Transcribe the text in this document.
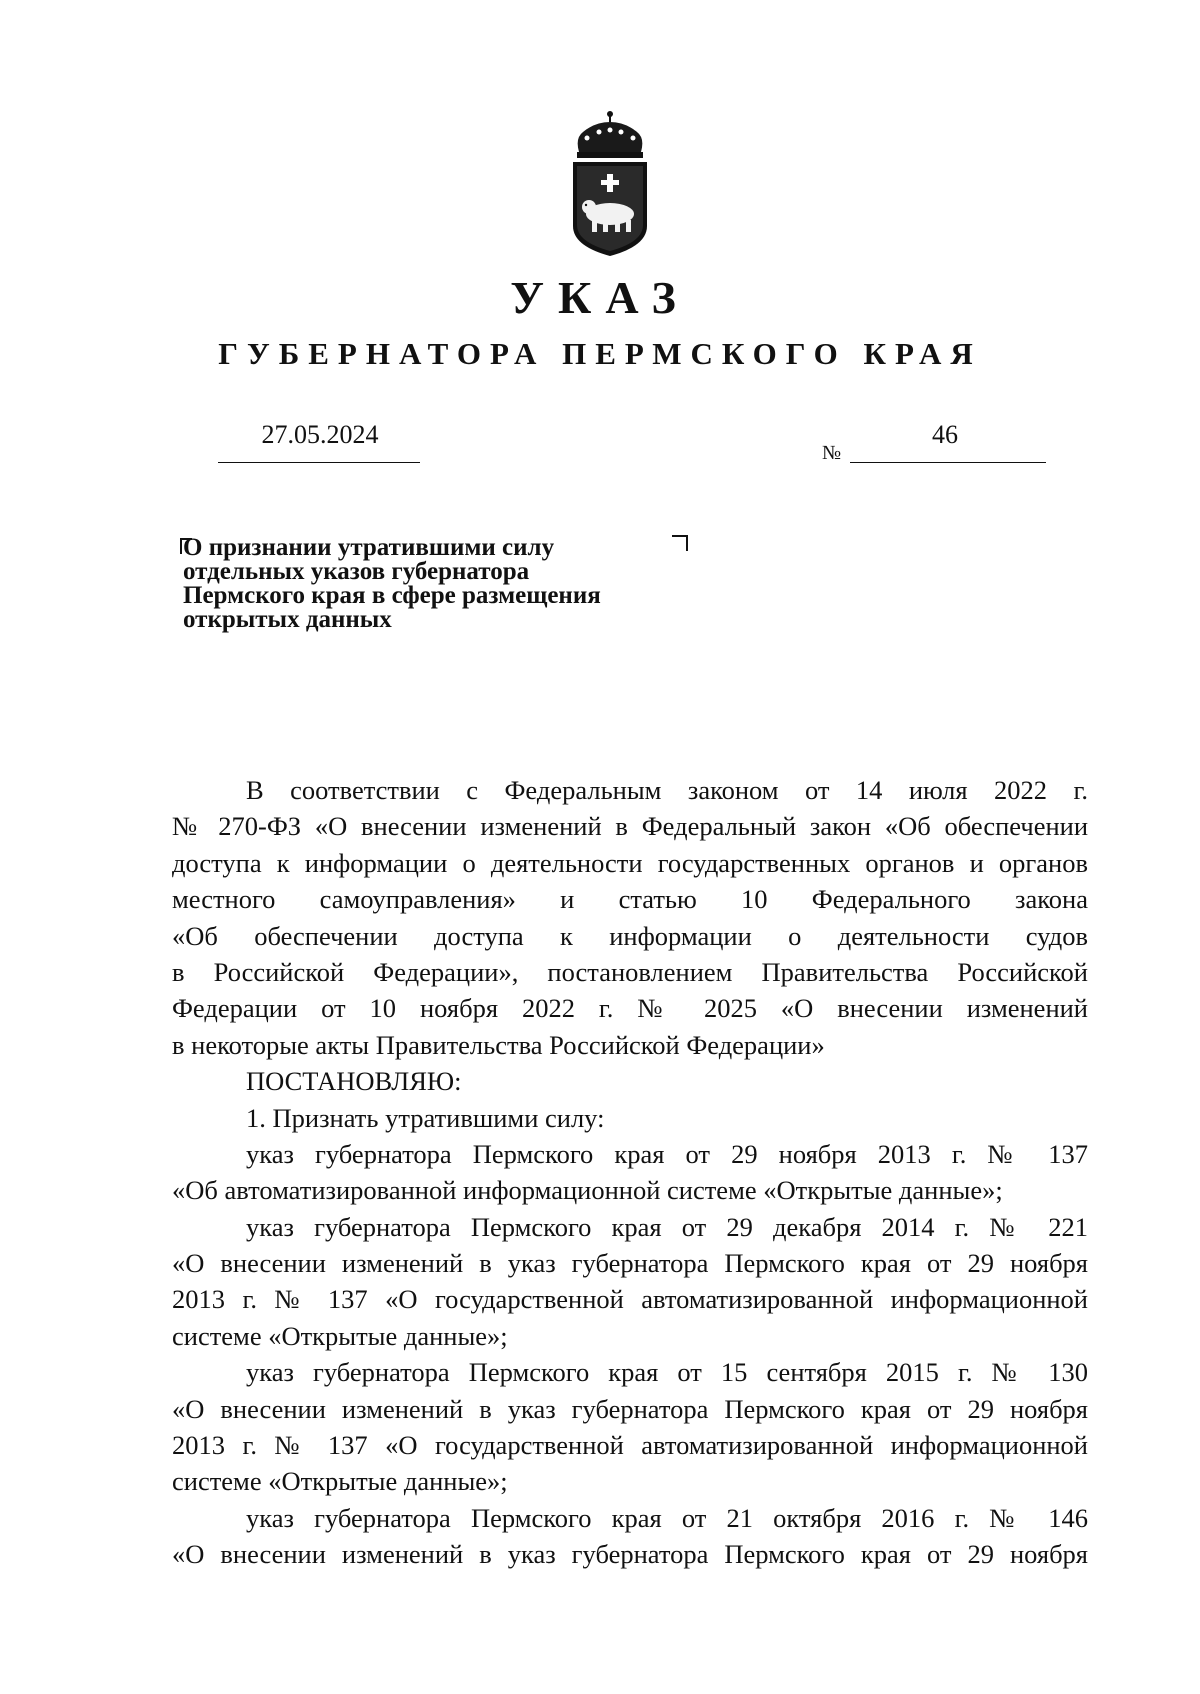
УКАЗ
ГУБЕРНАТОРА ПЕРМСКОГО КРАЯ
27.05.2024
№
46
О признании утратившими силу
отдельных указов губернатора
Пермского края в сфере размещения
открытых данных
В соответствии с Федеральным законом от 14 июля 2022 г.
№ 270-ФЗ «О внесении изменений в Федеральный закон «Об обеспечении
доступа к информации о деятельности государственных органов и органов
местного самоуправления» и статью 10 Федерального закона
«Об обеспечении доступа к информации о деятельности судов
в Российской Федерации», постановлением Правительства Российской
Федерации от 10 ноября 2022 г. № 2025 «О внесении изменений
в некоторые акты Правительства Российской Федерации»
ПОСТАНОВЛЯЮ:
1. Признать утратившими силу:
указ губернатора Пермского края от 29 ноября 2013 г. № 137
«Об автоматизированной информационной системе «Открытые данные»;
указ губернатора Пермского края от 29 декабря 2014 г. № 221
«О внесении изменений в указ губернатора Пермского края от 29 ноября
2013 г. № 137 «О государственной автоматизированной информационной
системе «Открытые данные»;
указ губернатора Пермского края от 15 сентября 2015 г. № 130
«О внесении изменений в указ губернатора Пермского края от 29 ноября
2013 г. № 137 «О государственной автоматизированной информационной
системе «Открытые данные»;
указ губернатора Пермского края от 21 октября 2016 г. № 146
«О внесении изменений в указ губернатора Пермского края от 29 ноября
